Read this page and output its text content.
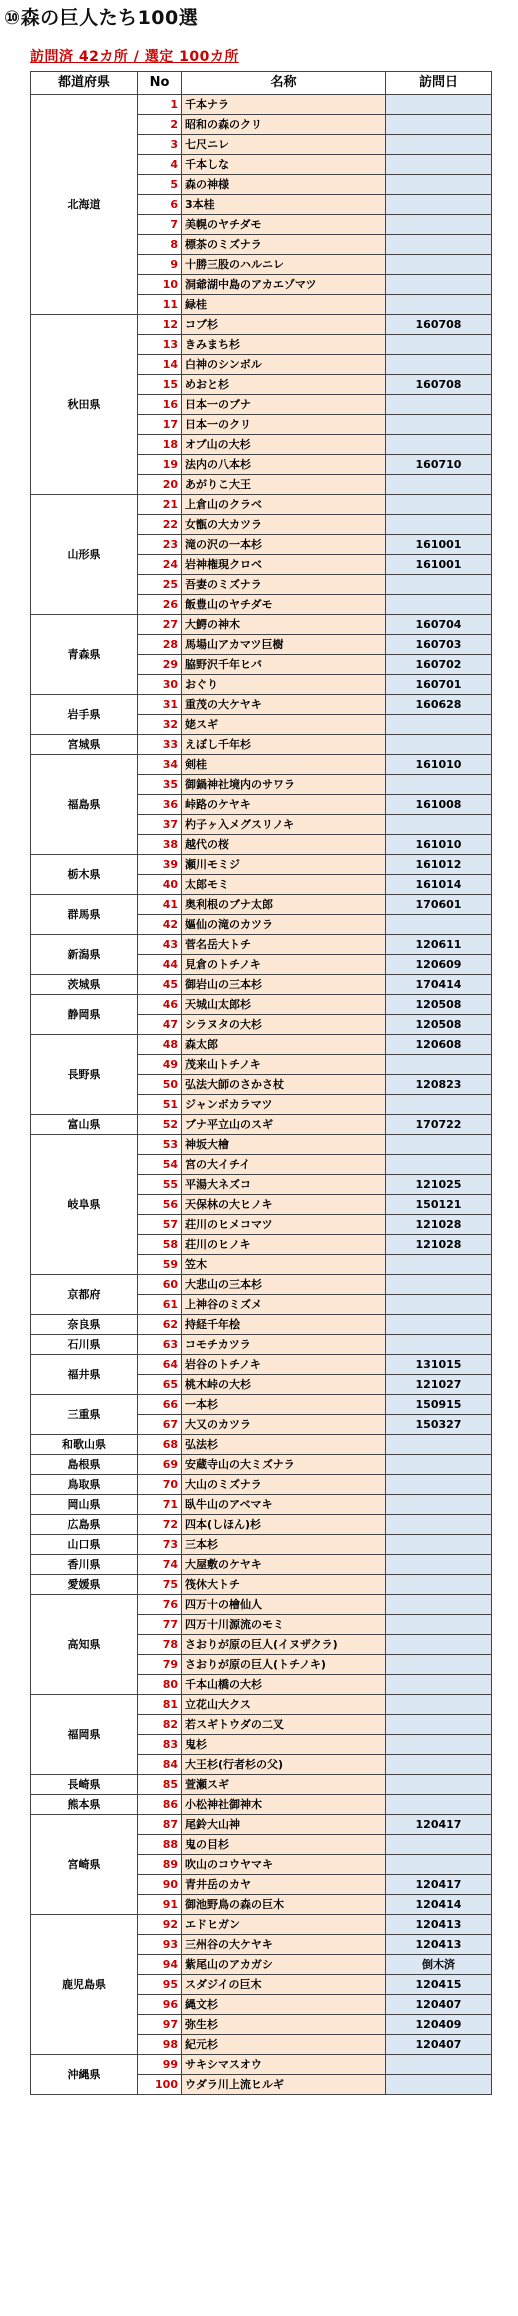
⑩森の巨人たち100選
訪問済 42カ所 / 選定 100カ所
都道府県	No	名称	訪問日
北海道	1	千本ナラ	
	2	昭和の森のクリ	
	3	七尺ニレ	
	4	千本しな	
	5	森の神様	
	6	3本桂	
	7	美幌のヤチダモ	
	8	標茶のミズナラ	
	9	十勝三股のハルニレ	
	10	洞爺湖中島のアカエゾマツ	
	11	緑桂	
秋田県	12	コブ杉	160708
	13	きみまち杉	
	14	白神のシンボル	
	15	めおと杉	160708
	16	日本一のブナ	
	17	日本一のクリ	
	18	オブ山の大杉	
	19	法内の八本杉	160710
	20	あがりこ大王	
山形県	21	上倉山のクラベ	
	22	女甑の大カツラ	
	23	滝の沢の一本杉	161001
	24	岩神権現クロベ	161001
	25	吾妻のミズナラ	
	26	飯豊山のヤチダモ	
青森県	27	大鰐の神木	160704
	28	馬場山アカマツ巨樹	160703
	29	脇野沢千年ヒバ	160702
	30	おぐり	160701
岩手県	31	重茂の大ケヤキ	160628
	32	姥スギ	
宮城県	33	えぼし千年杉	
福島県	34	剣桂	161010
	35	御鍋神社境内のサワラ	
	36	峠路のケヤキ	161008
	37	杓子ヶ入メグスリノキ	
	38	越代の桜	161010
栃木県	39	瀬川モミジ	161012
	40	太郎モミ	161014
群馬県	41	奥利根のブナ太郎	170601
	42	嫗仙の滝のカツラ	
新潟県	43	菅名岳大トチ	120611
	44	見倉のトチノキ	120609
茨城県	45	御岩山の三本杉	170414
静岡県	46	天城山太郎杉	120508
	47	シラヌタの大杉	120508
長野県	48	森太郎	120608
	49	茂来山トチノキ	
	50	弘法大師のさかさ杖	120823
	51	ジャンボカラマツ	
富山県	52	ブナ平立山のスギ	170722
岐阜県	53	神坂大檜	
	54	宮の大イチイ	
	55	平湯大ネズコ	121025
	56	天保林の大ヒノキ	150121
	57	荘川のヒメコマツ	121028
	58	荘川のヒノキ	121028
	59	笠木	
京都府	60	大悲山の三本杉	
	61	上神谷のミズメ	
奈良県	62	持経千年桧	
石川県	63	コモチカツラ	
福井県	64	岩谷のトチノキ	131015
	65	桃木峠の大杉	121027
三重県	66	一本杉	150915
	67	大又のカツラ	150327
和歌山県	68	弘法杉	
島根県	69	安蔵寺山の大ミズナラ	
鳥取県	70	大山のミズナラ	
岡山県	71	臥牛山のアベマキ	
広島県	72	四本(しほん)杉	
山口県	73	三本杉	
香川県	74	大屋敷のケヤキ	
愛媛県	75	筏休大トチ	
高知県	76	四万十の檜仙人	
	77	四万十川源流のモミ	
	78	さおりが原の巨人(イヌザクラ)	
	79	さおりが原の巨人(トチノキ)	
	80	千本山橋の大杉	
福岡県	81	立花山大クス	
	82	若スギトウダの二叉	
	83	鬼杉	
	84	大王杉(行者杉の父)	
長崎県	85	萱瀬スギ	
熊本県	86	小松神社御神木	
宮崎県	87	尾鈴大山神	120417
	88	鬼の目杉	
	89	吹山のコウヤマキ	
	90	青井岳のカヤ	120417
	91	御池野鳥の森の巨木	120414
鹿児島県	92	エドヒガン	120413
	93	三州谷の大ケヤキ	120413
	94	紫尾山のアカガシ	倒木済
	95	スダジイの巨木	120415
	96	縄文杉	120407
	97	弥生杉	120409
	98	紀元杉	120407
沖縄県	99	サキシマスオウ	
	100	ウダラ川上流ヒルギ	
